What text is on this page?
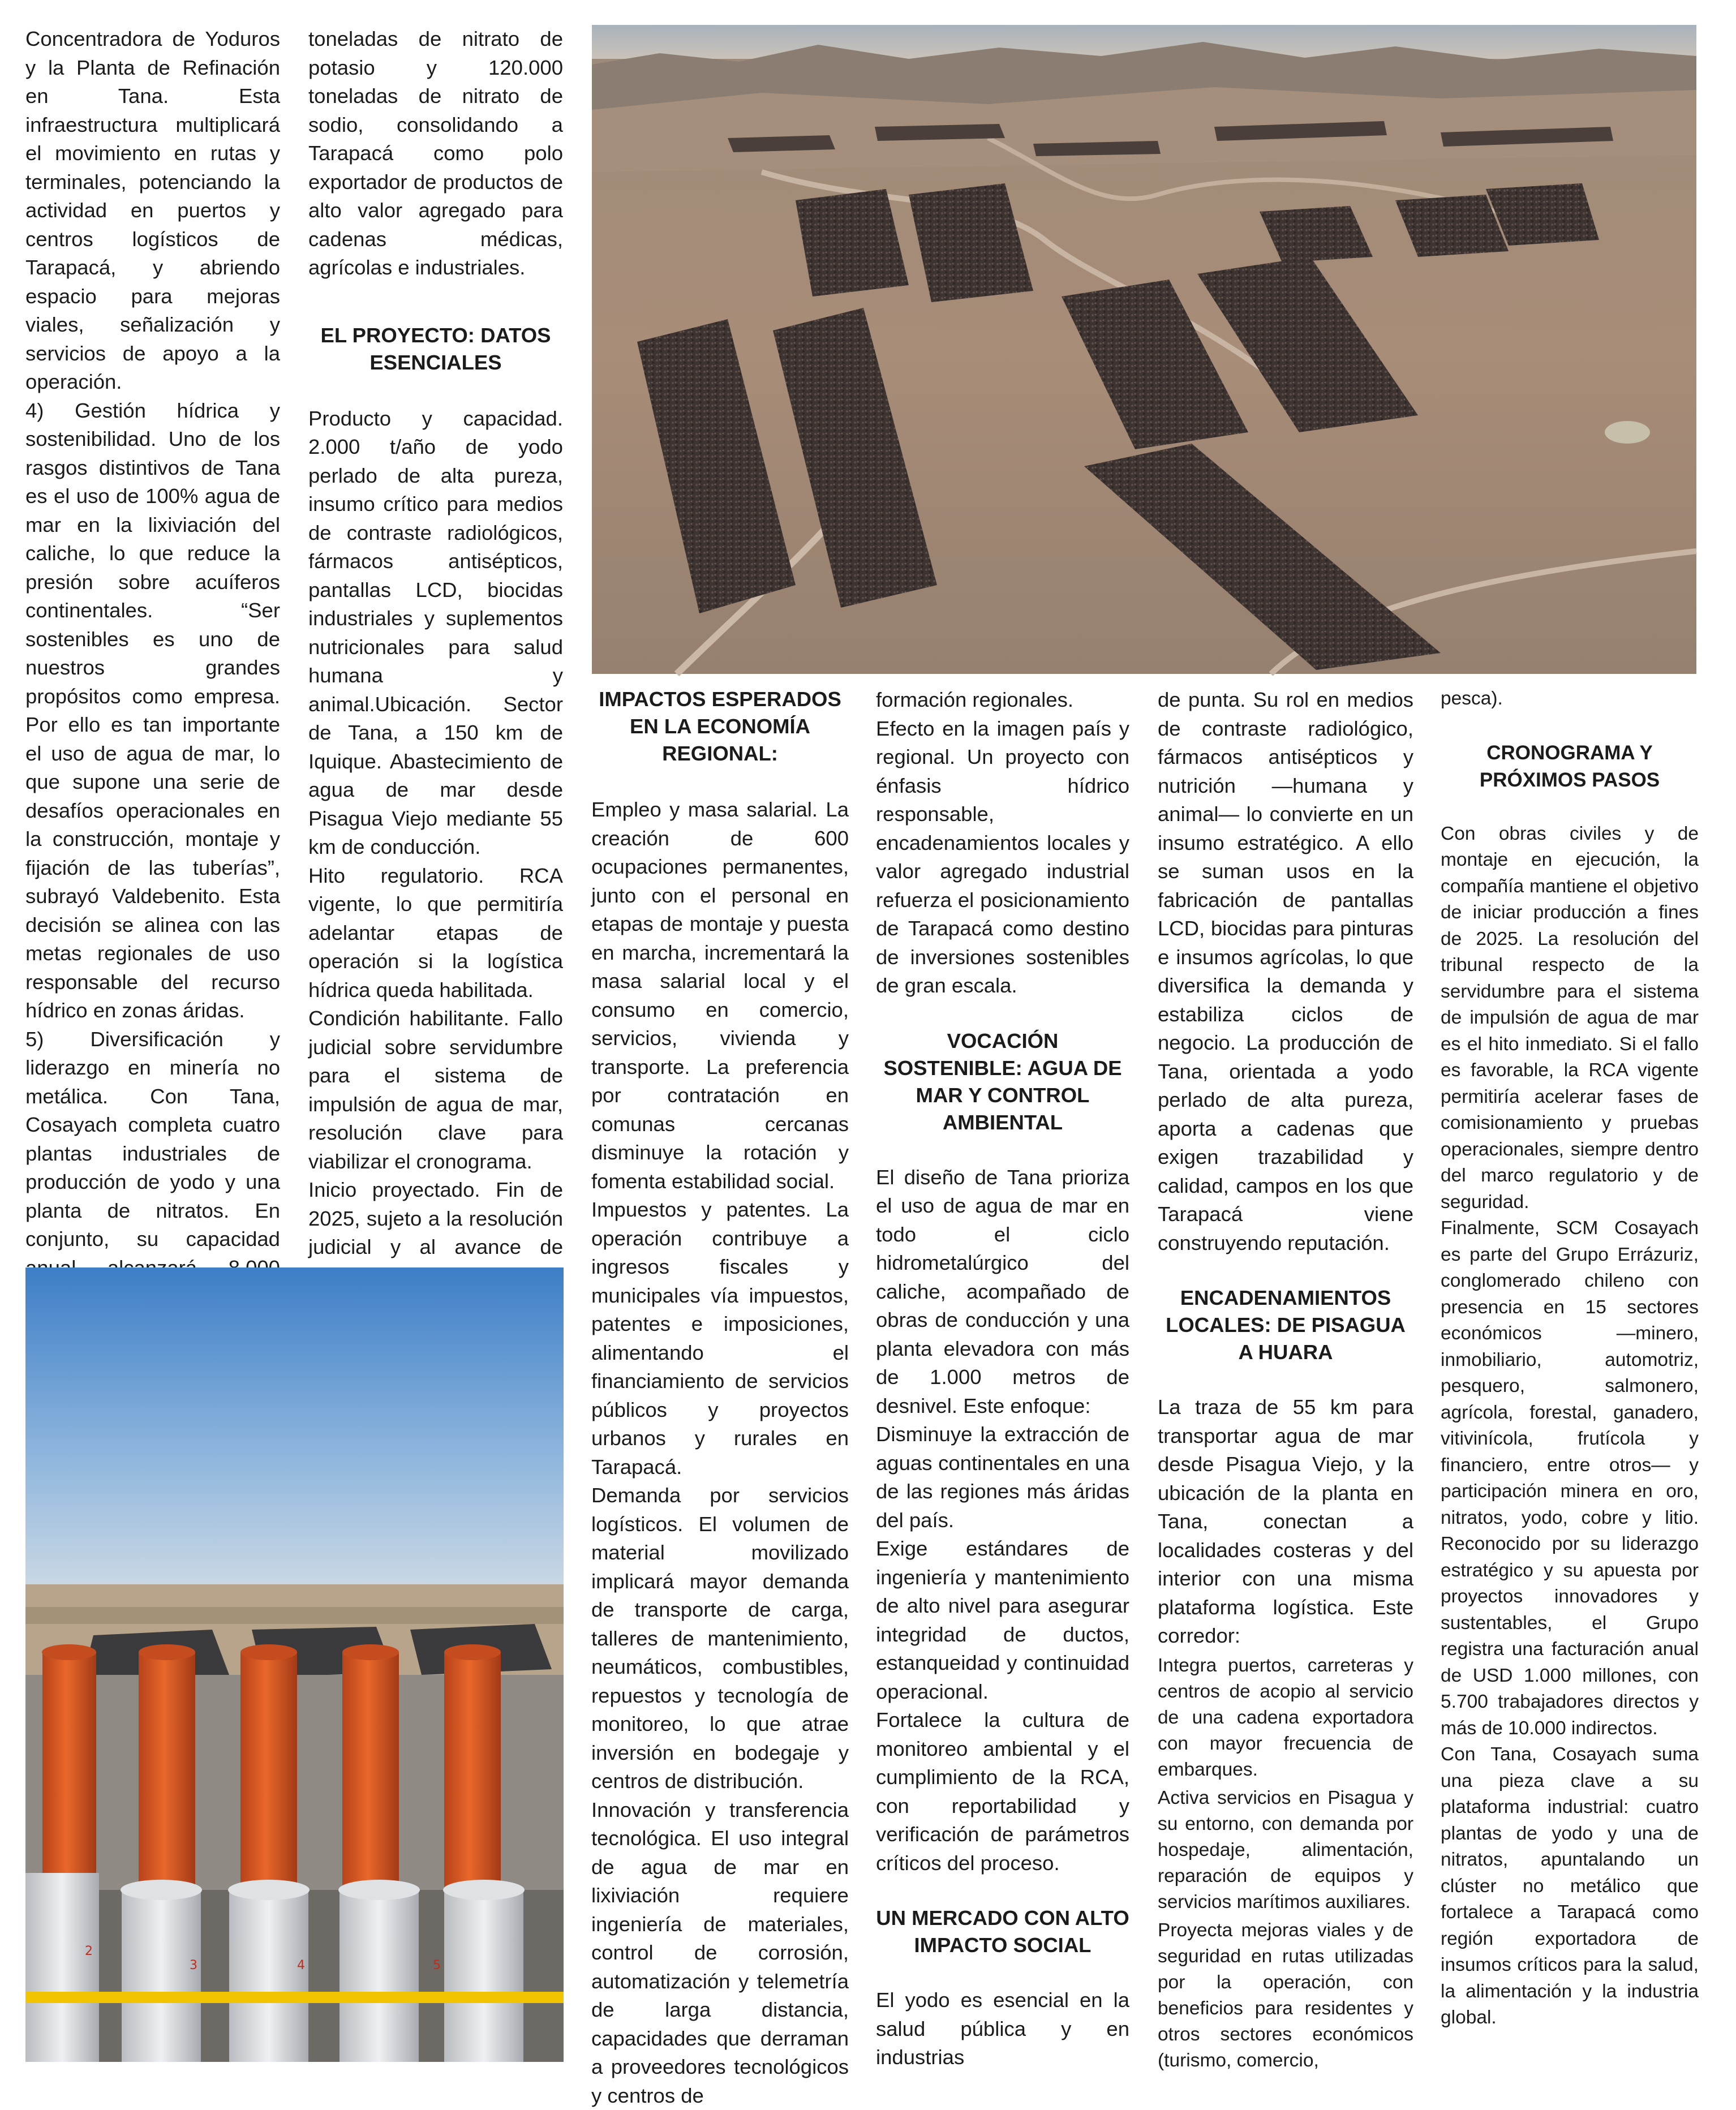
Concentradora de Yoduros y la Planta de Refinación en Tana. Esta infraestructura multiplicará el movimiento en rutas y terminales, potenciando la actividad en puertos y centros logísticos de Tarapacá, y abriendo espacio para mejoras viales, señalización y servicios de apoyo a la operación.

4) Gestión hídrica y sostenibilidad. Uno de los rasgos distintivos de Tana es el uso de 100% agua de mar en la lixiviación del caliche, lo que reduce la presión sobre acuíferos continentales. “Ser sostenibles es uno de nuestros grandes propósitos como empresa. Por ello es tan importante el uso de agua de mar, lo que supone una serie de desafíos operacionales en la construcción, montaje y fijación de las tuberías”, subrayó Valdebenito. Esta decisión se alinea con las metas regionales de uso responsable del recurso hídrico en zonas áridas.

5) Diversificación y liderazgo en minería no metálica. Con Tana, Cosayach completa cuatro plantas industriales de producción de yodo y una planta de nitratos. En conjunto, su capacidad

toneladas de nitrato de potasio y 120.000 toneladas de nitrato de sodio, consolidando a Tarapacá como polo exportador de productos de alto valor agregado para cadenas médicas, agrícolas e industriales.

EL PROYECTO: DATOS ESENCIALES

Producto y capacidad. 2.000 t/año de yodo perlado de alta pureza, insumo crítico para medios de contraste radiológicos, fármacos antisépticos, pantallas LCD, biocidas industriales y suplementos nutricionales para salud humana y animal.Ubicación. Sector de Tana, a 150 km de Iquique. Abastecimiento de agua de mar desde Pisagua Viejo mediante 55 km de conducción.

Hito regulatorio. RCA vigente, lo que permitiría adelantar etapas de operación si la logística hídrica queda habilitada.

Condición habilitante. Fallo judicial sobre servidumbre para el sistema de impulsión de agua de mar, resolución clave para viabilizar el cronograma.

Inicio proyectado. Fin de 2025, sujeto a la resolución judicial y al avance de

IMPACTOS ESPERADOS EN LA ECONOMÍA REGIONAL:

Empleo y masa salarial. La creación de 600 ocupaciones permanentes, junto con el personal en etapas de montaje y puesta en marcha, incrementará la masa salarial local y el consumo en comercio, servicios, vivienda y transporte. La preferencia por contratación en comunas cercanas disminuye la rotación y fomenta estabilidad social.

Impuestos y patentes. La operación contribuye a ingresos fiscales y municipales vía impuestos, patentes e imposiciones, alimentando el financiamiento de servicios públicos y proyectos urbanos y rurales en Tarapacá.

Demanda por servicios logísticos. El volumen de material movilizado implicará mayor demanda de transporte de carga, talleres de mantenimiento, neumáticos, combustibles, repuestos y tecnología de monitoreo, lo que atrae inversión en bodegaje y centros de distribución.

Innovación y transferencia tecnológica. El uso integral de agua de mar en lixiviación requiere ingeniería de materiales, control de corrosión, automatización y telemetría de larga distancia, capacidades que derraman a proveedores tecnológicos y centros de

formación regionales.

Efecto en la imagen país y regional. Un proyecto con énfasis hídrico responsable, encadenamientos locales y valor agregado industrial refuerza el posicionamiento de Tarapacá como destino de inversiones sostenibles de gran escala.

VOCACIÓN SOSTENIBLE: AGUA DE MAR Y CONTROL AMBIENTAL

El diseño de Tana prioriza el uso de agua de mar en todo el ciclo hidrometalúrgico del caliche, acompañado de obras de conducción y una planta elevadora con más de 1.000 metros de desnivel. Este enfoque:

Disminuye la extracción de aguas continentales en una de las regiones más áridas del país.

Exige estándares de ingeniería y mantenimiento de alto nivel para asegurar integridad de ductos, estanqueidad y continuidad operacional.

Fortalece la cultura de monitoreo ambiental y el cumplimiento de la RCA, con reportabilidad y verificación de parámetros críticos del proceso.

UN MERCADO CON ALTO IMPACTO SOCIAL

El yodo es esencial en la salud pública y en industrias

de punta. Su rol en medios de contraste radiológico, fármacos antisépticos y nutrición —humana y animal— lo convierte en un insumo estratégico. A ello se suman usos en la fabricación de pantallas LCD, biocidas para pinturas e insumos agrícolas, lo que diversifica la demanda y estabiliza ciclos de negocio. La producción de Tana, orientada a yodo perlado de alta pureza, aporta a cadenas que exigen trazabilidad y calidad, campos en los que Tarapacá viene construyendo reputación.

ENCADENAMIENTOS LOCALES: DE PISAGUA A HUARA

La traza de 55 km para transportar agua de mar desde Pisagua Viejo, y la ubicación de la planta en Tana, conectan a localidades costeras y del interior con una misma plataforma logística. Este corredor:

Integra puertos, carreteras y centros de acopio al servicio de una cadena exportadora con mayor frecuencia de embarques.

Activa servicios en Pisagua y su entorno, con demanda por hospedaje, alimentación, reparación de equipos y servicios marítimos auxiliares.

Proyecta mejoras viales y de seguridad en rutas utilizadas por la operación, con beneficios para residentes y otros sectores económicos (turismo, comercio,

pesca).

CRONOGRAMA Y PRÓXIMOS PASOS

Con obras civiles y de montaje en ejecución, la compañía mantiene el objetivo de iniciar producción a fines de 2025. La resolución del tribunal respecto de la servidumbre para el sistema de impulsión de agua de mar es el hito inmediato. Si el fallo es favorable, la RCA vigente permitiría acelerar fases de comisionamiento y pruebas operacionales, siempre dentro del marco regulatorio y de seguridad.

Finalmente, SCM Cosayach es parte del Grupo Errázuriz, conglomerado chileno con presencia en 15 sectores económicos —minero, inmobiliario, automotriz, pesquero, salmonero, agrícola, forestal, ganadero, vitivinícola, frutícola y financiero, entre otros— y participación minera en oro, nitratos, yodo, cobre y litio. Reconocido por su liderazgo estratégico y su apuesta por proyectos innovadores y sustentables, el Grupo registra una facturación anual de USD 1.000 millones, con 5.700 trabajadores directos y más de 10.000 indirectos.

Con Tana, Cosayach suma una pieza clave a su plataforma industrial: cuatro plantas de yodo y una de nitratos, apuntalando un clúster no metálico que fortalece a Tarapacá como región exportadora de insumos críticos para la salud, la alimentación y la industria global.

2
3	4	5
